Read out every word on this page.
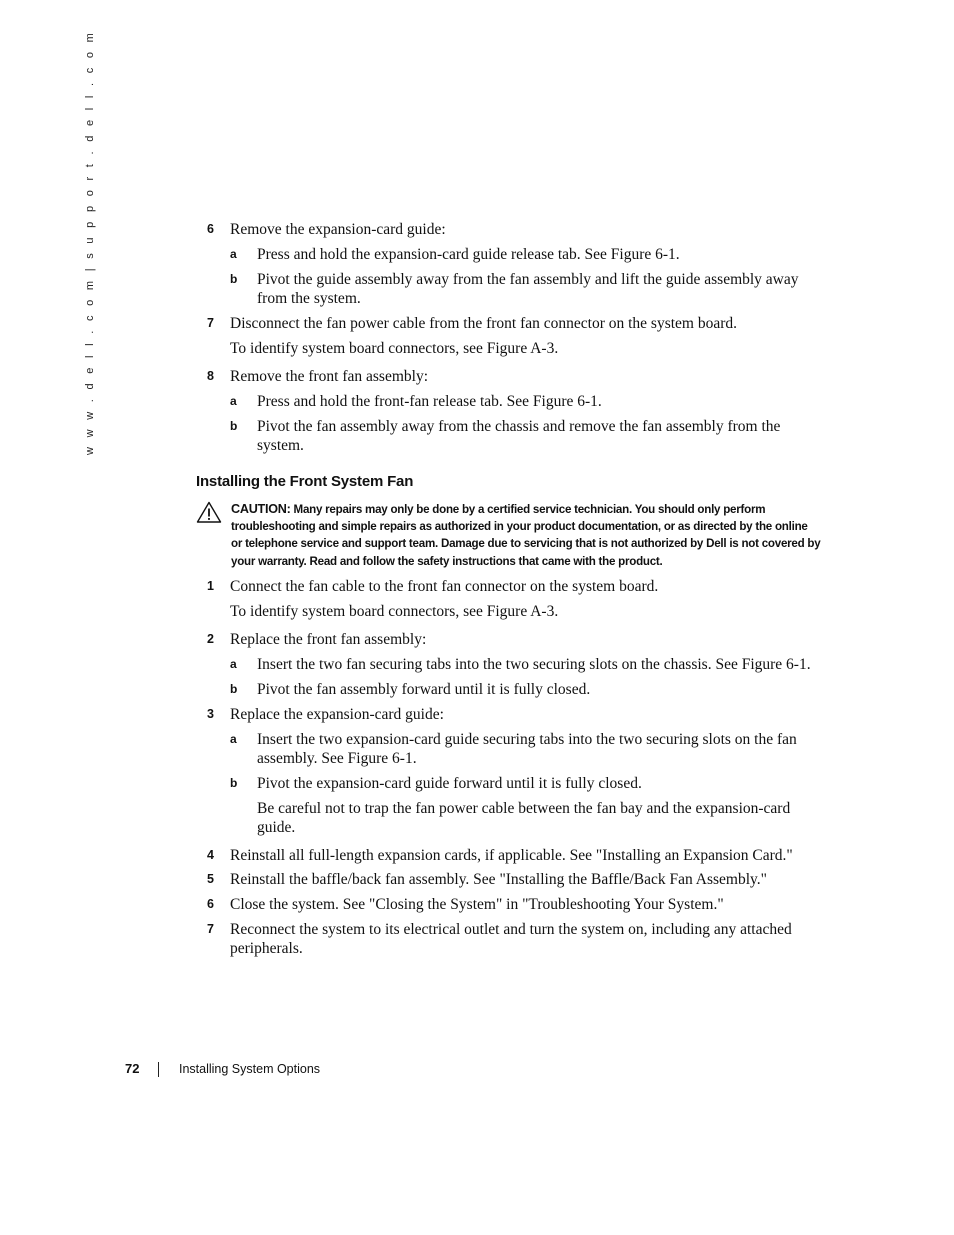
w w w . d e l l . c o m | s u p p o r t . d e l l . c o m	6 Remove the expansion-card guide:
a Press and hold the expansion-card guide release tab. See Figure 6-1.
b Pivot the guide assembly away from the fan assembly and lift the guide assembly away
from the system.
7 Disconnect the fan power cable from the front fan connector on the system board.
To identify system board connectors, see Figure A-3.
8 Remove the front fan assembly:
a Press and hold the front-fan release tab. See Figure 6-1.
b Pivot the fan assembly away from the chassis and remove the fan assembly from the
system.
Installing the Front System Fan
CAUTION: Many repairs may only be done by a certified service technician. You should only perform troubleshooting and simple repairs as authorized in your product documentation, or as directed by the online or telephone service and support team. Damage due to servicing that is not authorized by Dell is not covered by your warranty. Read and follow the safety instructions that came with the product.
1 Connect the fan cable to the front fan connector on the system board.
To identify system board connectors, see Figure A-3.
2 Replace the front fan assembly:
a Insert the two fan securing tabs into the two securing slots on the chassis. See Figure 6-1.
b Pivot the fan assembly forward until it is fully closed.
3 Replace the expansion-card guide:
a Insert the two expansion-card guide securing tabs into the two securing slots on the fan
assembly. See Figure 6-1.
b Pivot the expansion-card guide forward until it is fully closed.
Be careful not to trap the fan power cable between the fan bay and the expansion-card
guide.
4 Reinstall all full-length expansion cards, if applicable. See "Installing an Expansion Card."
5 Reinstall the baffle/back fan assembly. See "Installing the Baffle/Back Fan Assembly."
6 Close the system. See "Closing the System" in "Troubleshooting Your System."
7 Reconnect the system to its electrical outlet and turn the system on, including any attached
peripherals.
72	Installing System Options
